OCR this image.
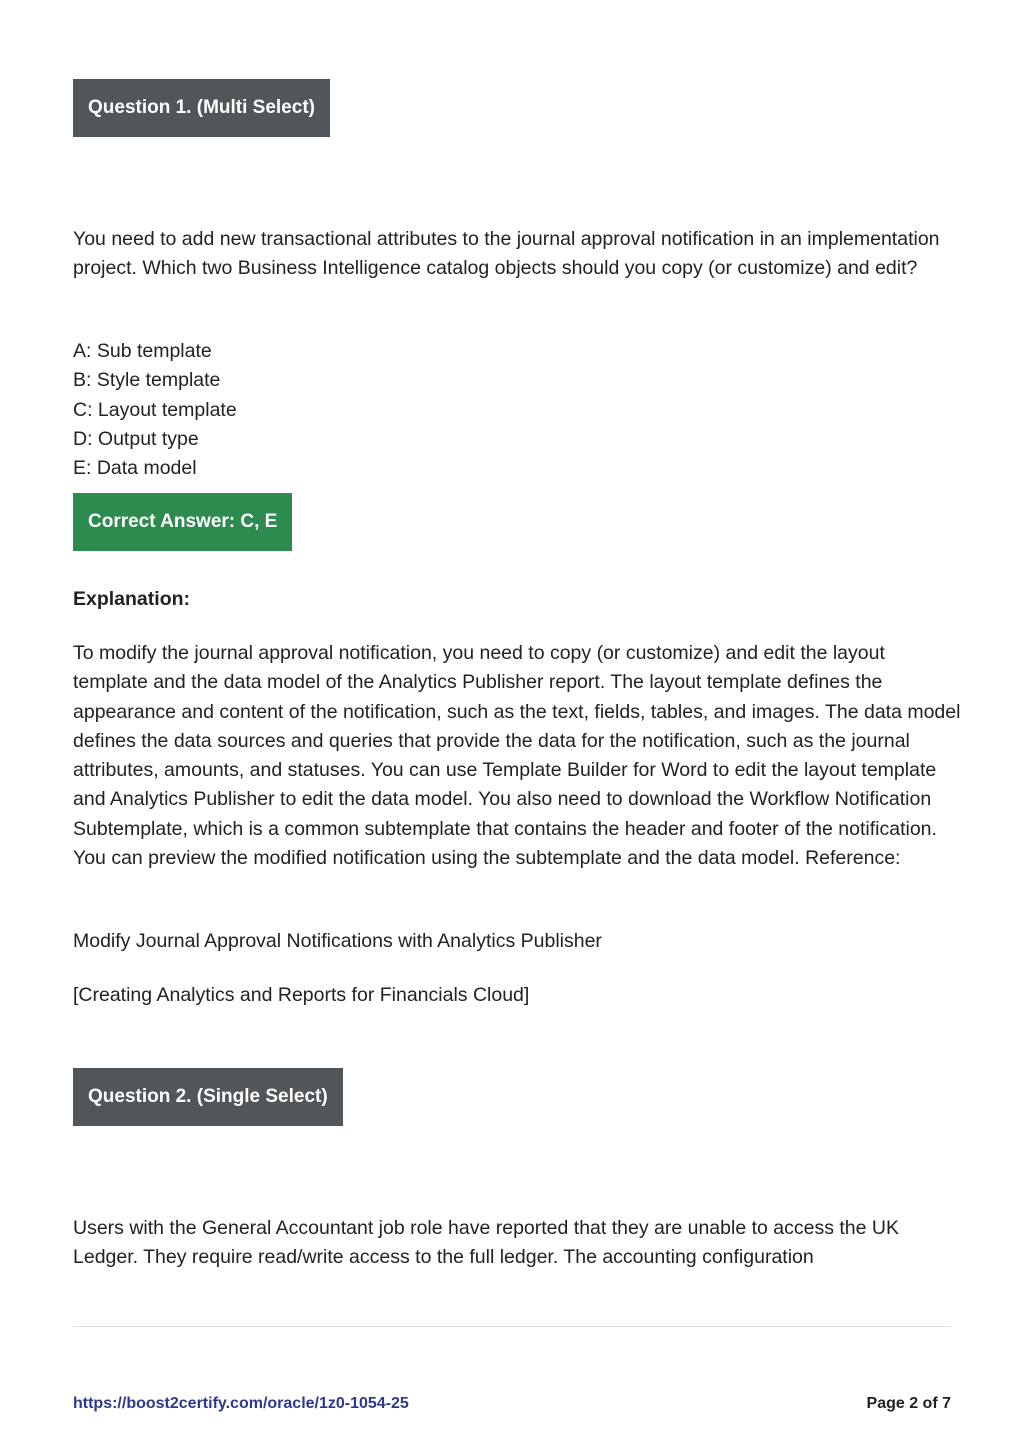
Question 1. (Multi Select)

You need to add new transactional attributes to the journal approval notification in an implementation project. Which two Business Intelligence catalog objects should you copy (or customize) and edit?

A: Sub template
B: Style template
C: Layout template
D: Output type
E: Data model
Correct Answer: C, E
Explanation:

To modify the journal approval notification, you need to copy (or customize) and edit the layout template and the data model of the Analytics Publisher report. The layout template defines the appearance and content of the notification, such as the text, fields, tables, and images. The data model defines the data sources and queries that provide the data for the notification, such as the journal attributes, amounts, and statuses. You can use Template Builder for Word to edit the layout template and Analytics Publisher to edit the data model. You also need to download the Workflow Notification Subtemplate, which is a common subtemplate that contains the header and footer of the notification. You can preview the modified notification using the subtemplate and the data model. Reference:

Modify Journal Approval Notifications with Analytics Publisher

[Creating Analytics and Reports for Financials Cloud]

Question 2. (Single Select)

Users with the General Accountant job role have reported that they are unable to access the UK Ledger. They require read/write access to the full ledger. The accounting configuration

https://boost2certify.com/oracle/1z0-1054-25	Page 2 of 7
